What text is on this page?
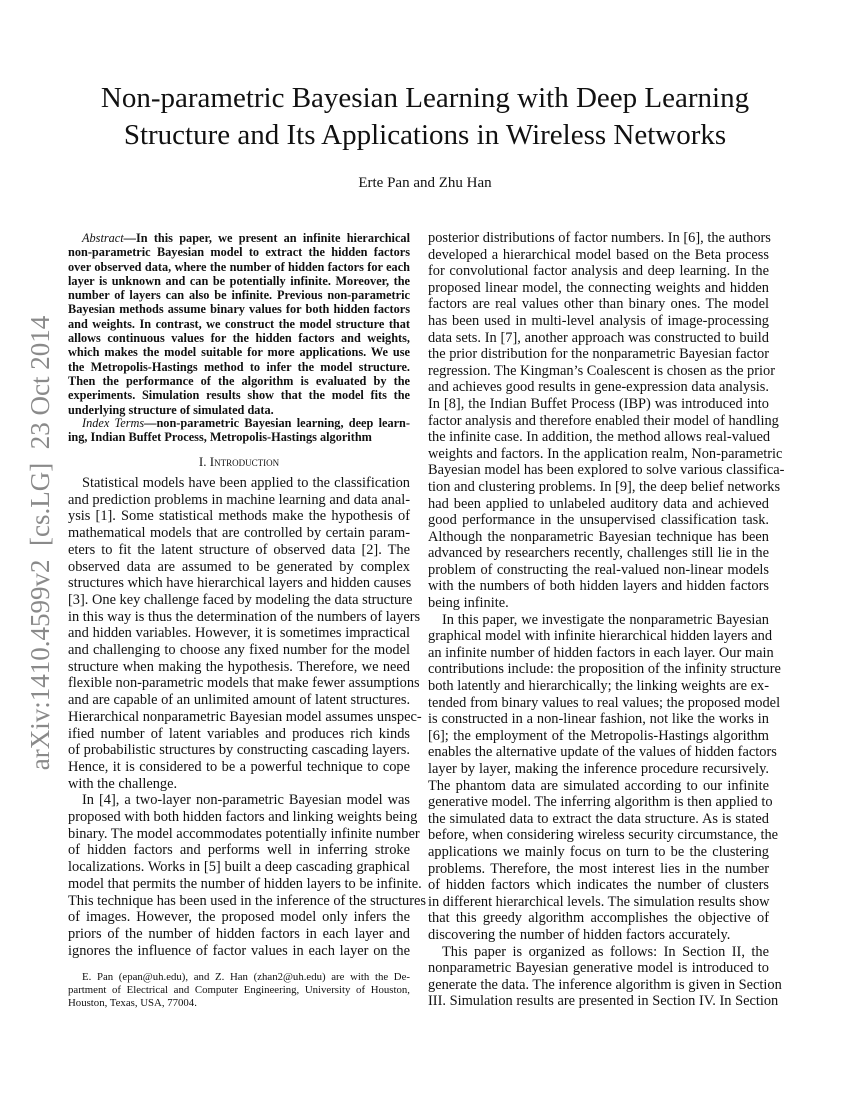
arXiv:1410.4599v2  [cs.LG]  23 Oct 2014
Non-parametric Bayesian Learning with Deep Learning
Structure and Its Applications in Wireless Networks
Erte Pan and Zhu Han
Abstract—In this paper, we present an infinite hierarchical
non-parametric Bayesian model to extract the hidden factors
over observed data, where the number of hidden factors for each
layer is unknown and can be potentially infinite. Moreover, the
number of layers can also be infinite. Previous non-parametric
Bayesian methods assume binary values for both hidden factors
and weights. In contrast, we construct the model structure that
allows continuous values for the hidden factors and weights,
which makes the model suitable for more applications. We use
the Metropolis-Hastings method to infer the model structure.
Then the performance of the algorithm is evaluated by the
experiments. Simulation results show that the model fits the
underlying structure of simulated data.
Index Terms—non-parametric Bayesian learning, deep learn-
ing, Indian Buffet Process, Metropolis-Hastings algorithm
I. Introduction
Statistical models have been applied to the classification
and prediction problems in machine learning and data anal-
ysis [1]. Some statistical methods make the hypothesis of
mathematical models that are controlled by certain param-
eters to fit the latent structure of observed data [2]. The
observed data are assumed to be generated by complex
structures which have hierarchical layers and hidden causes
[3]. One key challenge faced by modeling the data structure
in this way is thus the determination of the numbers of layers
and hidden variables. However, it is sometimes impractical
and challenging to choose any fixed number for the model
structure when making the hypothesis. Therefore, we need
flexible non-parametric models that make fewer assumptions
and are capable of an unlimited amount of latent structures.
Hierarchical nonparametric Bayesian model assumes unspec-
ified number of latent variables and produces rich kinds
of probabilistic structures by constructing cascading layers.
Hence, it is considered to be a powerful technique to cope
with the challenge.
In [4], a two-layer non-parametric Bayesian model was
proposed with both hidden factors and linking weights being
binary. The model accommodates potentially infinite number
of hidden factors and performs well in inferring stroke
localizations. Works in [5] built a deep cascading graphical
model that permits the number of hidden layers to be infinite.
This technique has been used in the inference of the structures
of images. However, the proposed model only infers the
priors of the number of hidden factors in each layer and
ignores the influence of factor values in each layer on the
E. Pan (epan@uh.edu), and Z. Han (zhan2@uh.edu) are with the De-
partment of Electrical and Computer Engineering, University of Houston,
Houston, Texas, USA, 77004.
posterior distributions of factor numbers. In [6], the authors
developed a hierarchical model based on the Beta process
for convolutional factor analysis and deep learning. In the
proposed linear model, the connecting weights and hidden
factors are real values other than binary ones. The model
has been used in multi-level analysis of image-processing
data sets. In [7], another approach was constructed to build
the prior distribution for the nonparametric Bayesian factor
regression. The Kingman’s Coalescent is chosen as the prior
and achieves good results in gene-expression data analysis.
In [8], the Indian Buffet Process (IBP) was introduced into
factor analysis and therefore enabled their model of handling
the infinite case. In addition, the method allows real-valued
weights and factors. In the application realm, Non-parametric
Bayesian model has been explored to solve various classifica-
tion and clustering problems. In [9], the deep belief networks
had been applied to unlabeled auditory data and achieved
good performance in the unsupervised classification task.
Although the nonparametric Bayesian technique has been
advanced by researchers recently, challenges still lie in the
problem of constructing the real-valued non-linear models
with the numbers of both hidden layers and hidden factors
being infinite.
In this paper, we investigate the nonparametric Bayesian
graphical model with infinite hierarchical hidden layers and
an infinite number of hidden factors in each layer. Our main
contributions include: the proposition of the infinity structure
both latently and hierarchically; the linking weights are ex-
tended from binary values to real values; the proposed model
is constructed in a non-linear fashion, not like the works in
[6]; the employment of the Metropolis-Hastings algorithm
enables the alternative update of the values of hidden factors
layer by layer, making the inference procedure recursively.
The phantom data are simulated according to our infinite
generative model. The inferring algorithm is then applied to
the simulated data to extract the data structure. As is stated
before, when considering wireless security circumstance, the
applications we mainly focus on turn to be the clustering
problems. Therefore, the most interest lies in the number
of hidden factors which indicates the number of clusters
in different hierarchical levels. The simulation results show
that this greedy algorithm accomplishes the objective of
discovering the number of hidden factors accurately.
This paper is organized as follows: In Section II, the
nonparametric Bayesian generative model is introduced to
generate the data. The inference algorithm is given in Section
III. Simulation results are presented in Section IV. In Section
